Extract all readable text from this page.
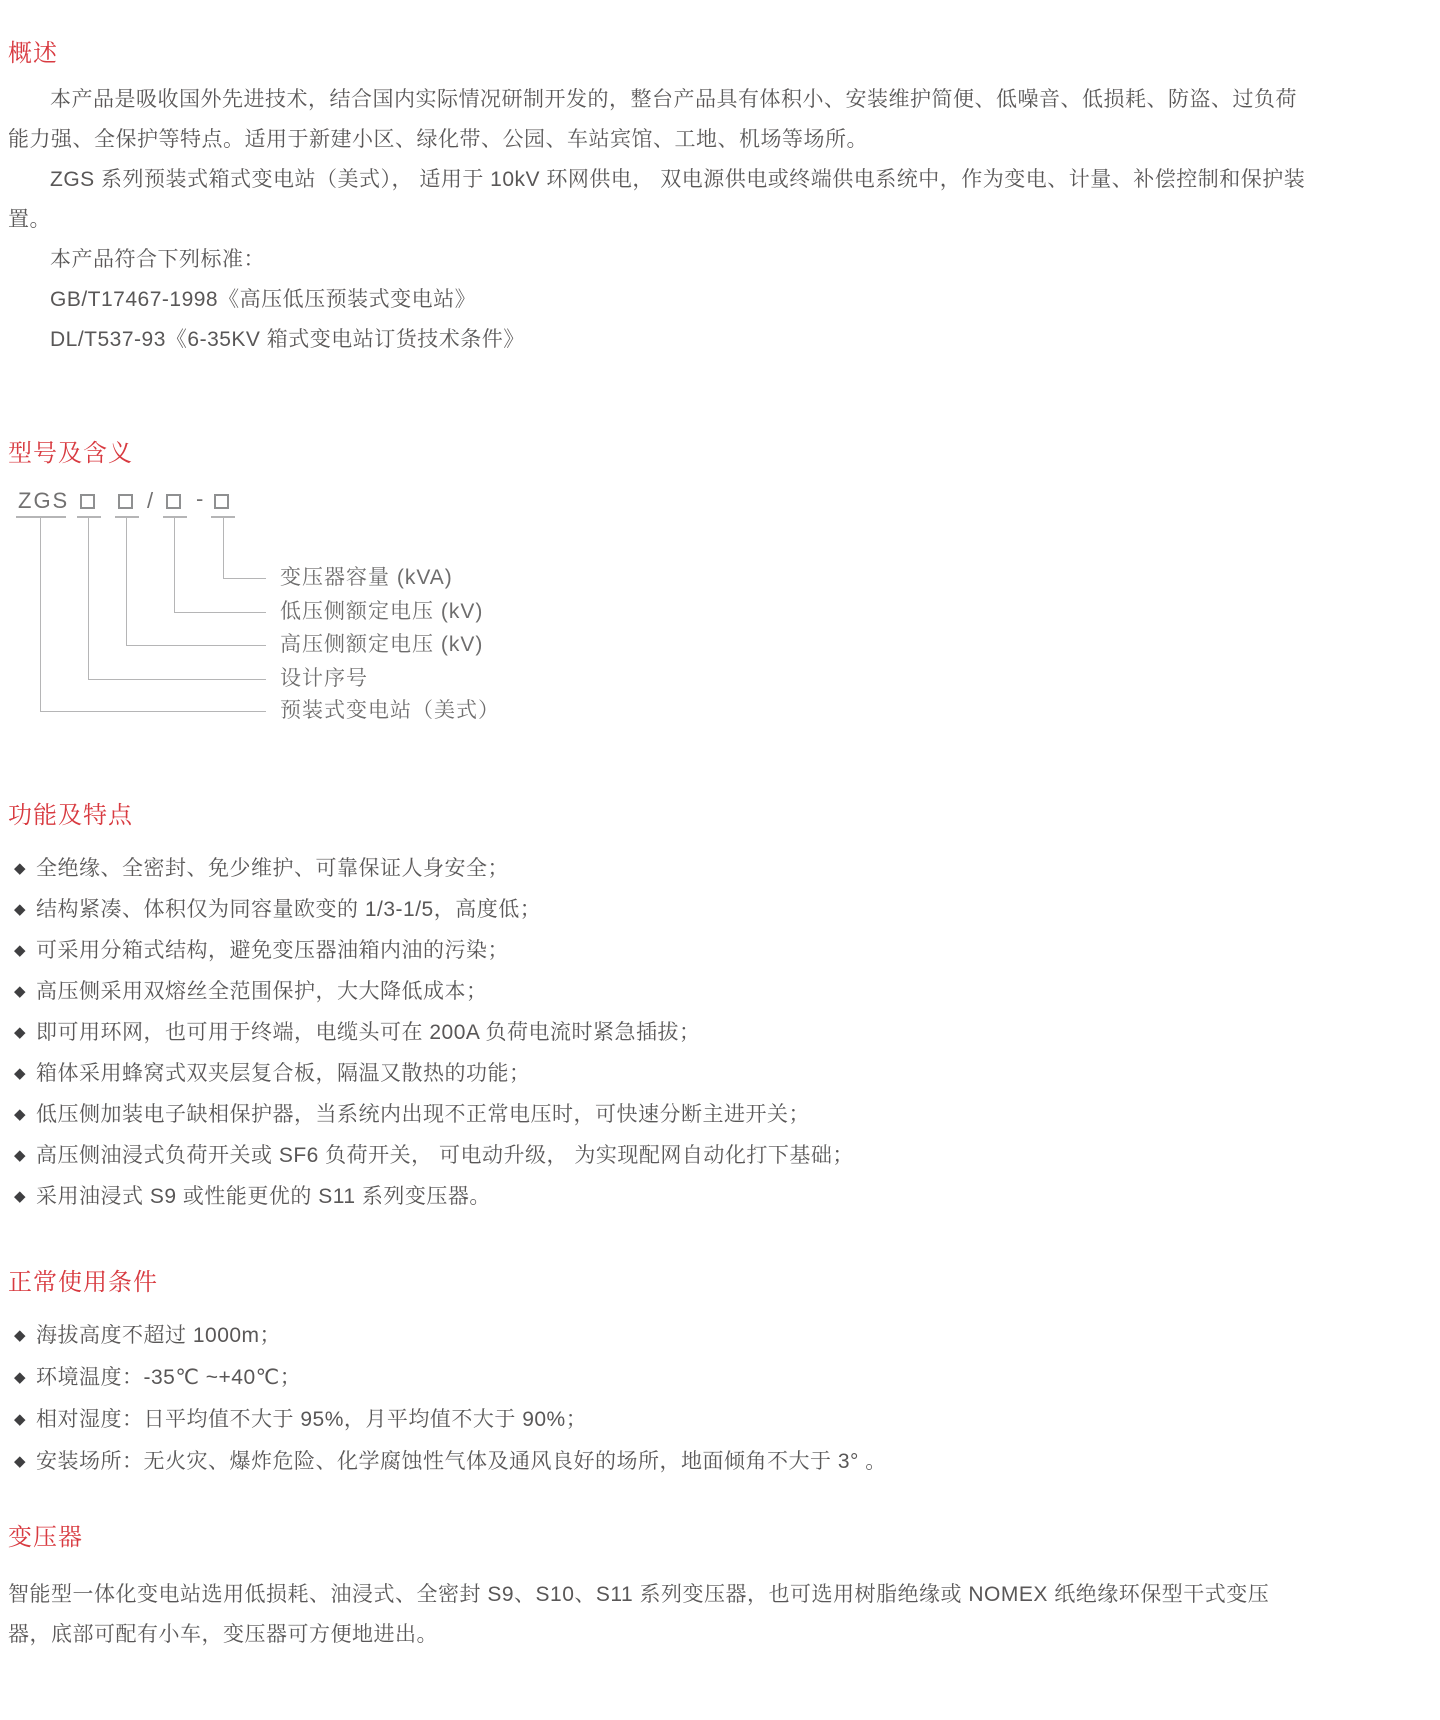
概述

本产品是吸收国外先进技术，结合国内实际情况研制开发的，整台产品具有体积小、安装维护简便、低噪音、低损耗、防盗、过负荷能力强、全保护等特点。适用于新建小区、绿化带、公园、车站宾馆、工地、机场等场所。

ZGS 系列预装式箱式变电站（美式）， 适用于 10kV 环网供电， 双电源供电或终端供电系统中，作为变电、计量、补偿控制和保护装置。

本产品符合下列标准：

GB/T17467-1998《高压低压预装式变电站》

DL/T537-93《6-35KV 箱式变电站订货技术条件》

型号及含义
ZGS	/ -
变压器容量 (kVA)
低压侧额定电压 (kV)
高压侧额定电压 (kV)
设计序号
预装式变电站（美式）
功能及特点
◆ 全绝缘、全密封、免少维护、可靠保证人身安全；
◆ 结构紧凑、体积仅为同容量欧变的 1/3-1/5，高度低；
◆ 可采用分箱式结构，避免变压器油箱内油的污染；
◆ 高压侧采用双熔丝全范围保护，大大降低成本；
◆ 即可用环网，也可用于终端，电缆头可在 200A 负荷电流时紧急插拔；
◆ 箱体采用蜂窝式双夹层复合板，隔温又散热的功能；
◆ 低压侧加装电子缺相保护器，当系统内出现不正常电压时，可快速分断主进开关；
◆ 高压侧油浸式负荷开关或 SF6 负荷开关， 可电动升级， 为实现配网自动化打下基础；
◆ 采用油浸式 S9 或性能更优的 S11 系列变压器。
正常使用条件
◆ 海拔高度不超过 1000m；
◆ 环境温度：-35℃ ~+40℃；
◆ 相对湿度：日平均值不大于 95%，月平均值不大于 90%；
◆ 安装场所：无火灾、爆炸危险、化学腐蚀性气体及通风良好的场所，地面倾角不大于 3° 。
变压器

智能型一体化变电站选用低损耗、油浸式、全密封 S9、S10、S11 系列变压器，也可选用树脂绝缘或 NOMEX 纸绝缘环保型干式变压器，底部可配有小车，变压器可方便地进出。
